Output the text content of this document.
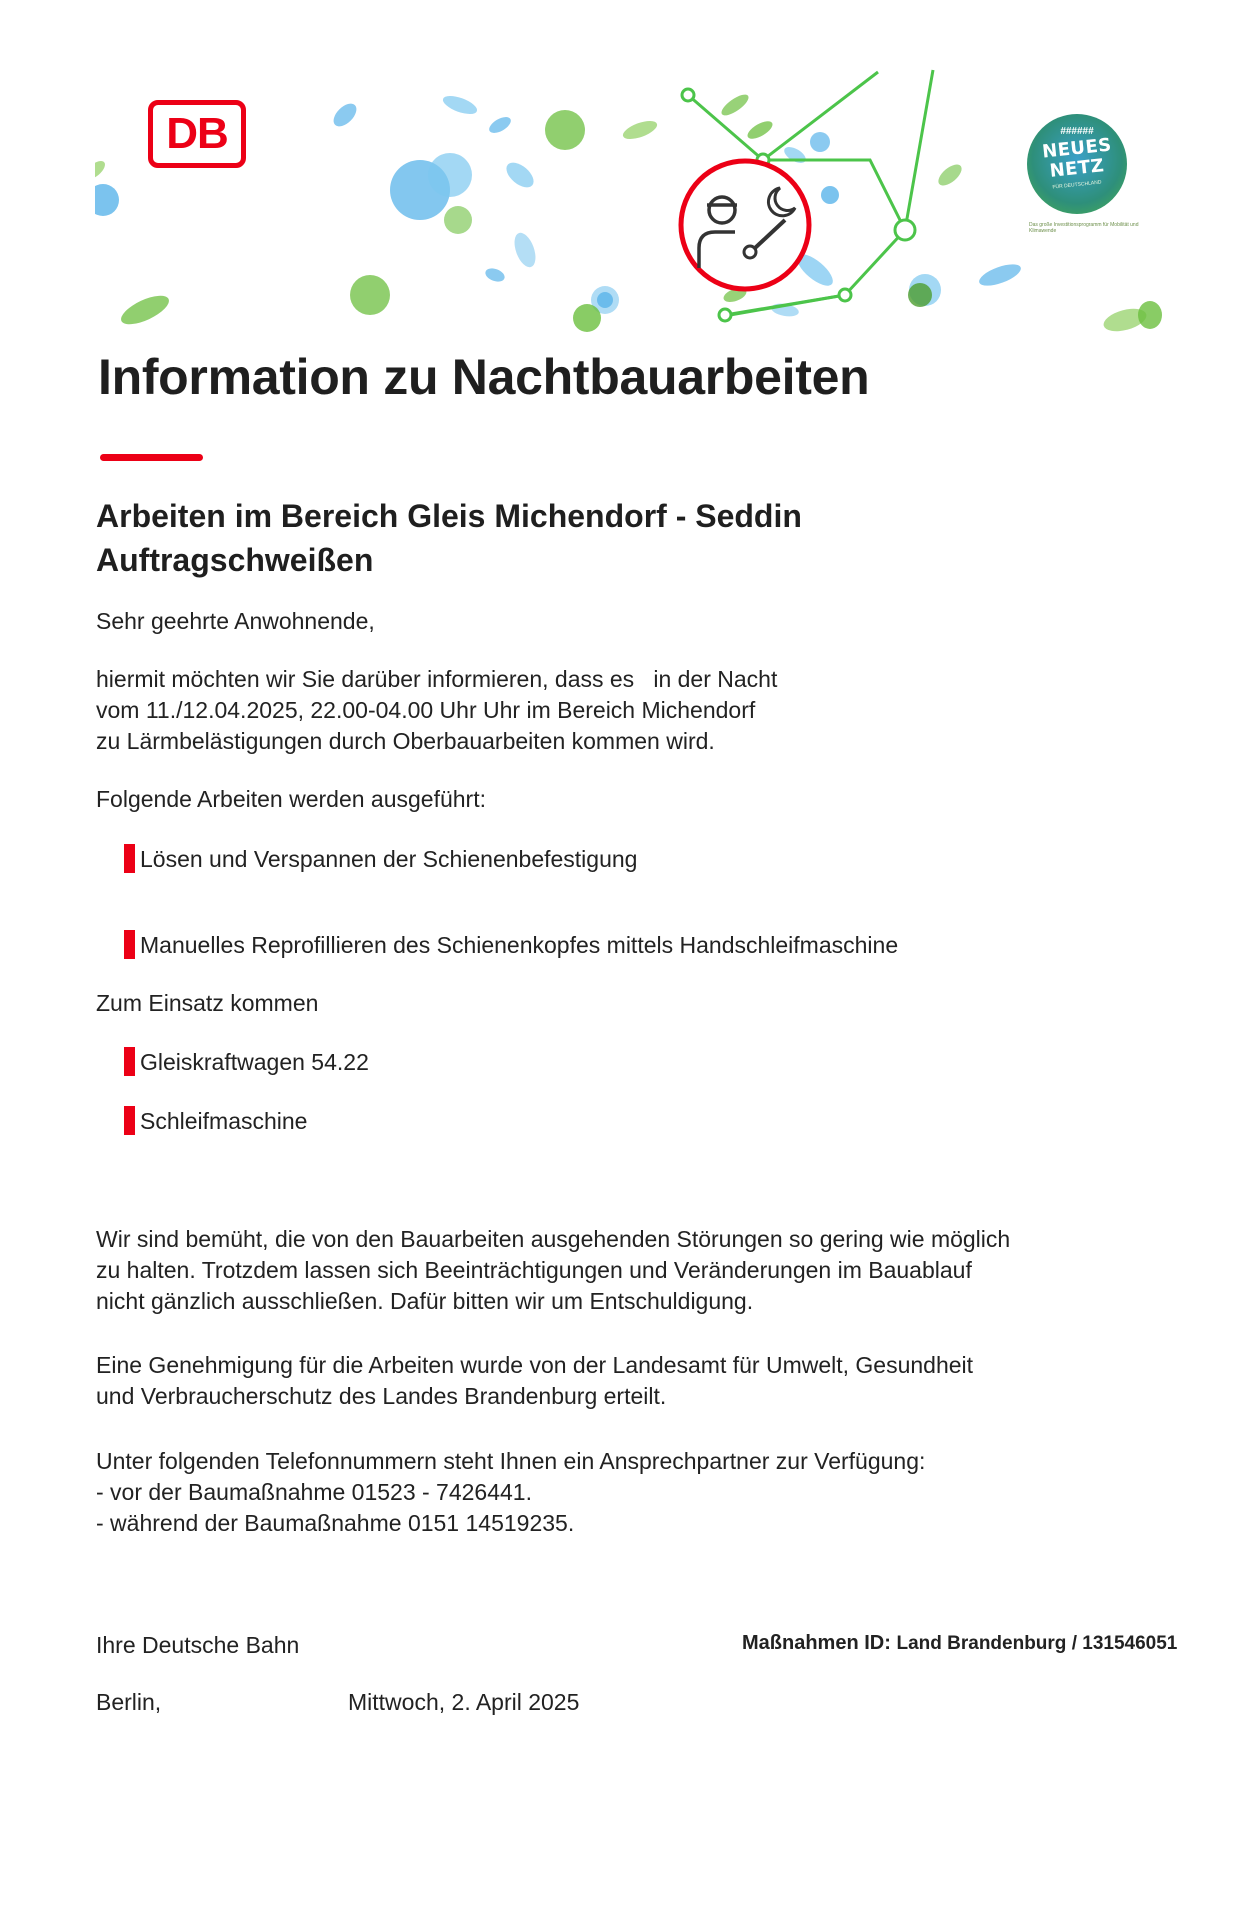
DB	######
NEUES
NETZ
FÜR DEUTSCHLAND
Das große Investitionsprogramm für Mobilität und Klimawende
Information zu Nachtbauarbeiten
Arbeiten im Bereich Gleis Michendorf - Seddin
Auftragschweißen

Sehr geehrte Anwohnende,

hiermit möchten wir Sie darüber informieren, dass es   in der Nacht
vom 11./12.04.2025, 22.00-04.00 Uhr Uhr im Bereich Michendorf
zu Lärmbelästigungen durch Oberbauarbeiten kommen wird.

Folgende Arbeiten werden ausgeführt:

Lösen und Verspannen der Schienenbefestigung
Manuelles Reprofillieren des Schienenkopfes mittels Handschleifmaschine

Zum Einsatz kommen

Gleiskraftwagen 54.22
Schleifmaschine

Wir sind bemüht, die von den Bauarbeiten ausgehenden Störungen so gering wie möglich
zu halten. Trotzdem lassen sich Beeinträchtigungen und Veränderungen im Bauablauf
nicht gänzlich ausschließen. Dafür bitten wir um Entschuldigung.

Eine Genehmigung für die Arbeiten wurde von der Landesamt für Umwelt, Gesundheit
und Verbraucherschutz des Landes Brandenburg erteilt.

Unter folgenden Telefonnummern steht Ihnen ein Ansprechpartner zur Verfügung:
- vor der Baumaßnahme 01523 - 7426441.
- während der Baumaßnahme 0151 14519235.

Ihre Deutsche Bahn	Maßnahmen ID: Land Brandenburg / 131546051
Berlin,	Mittwoch, 2. April 2025
